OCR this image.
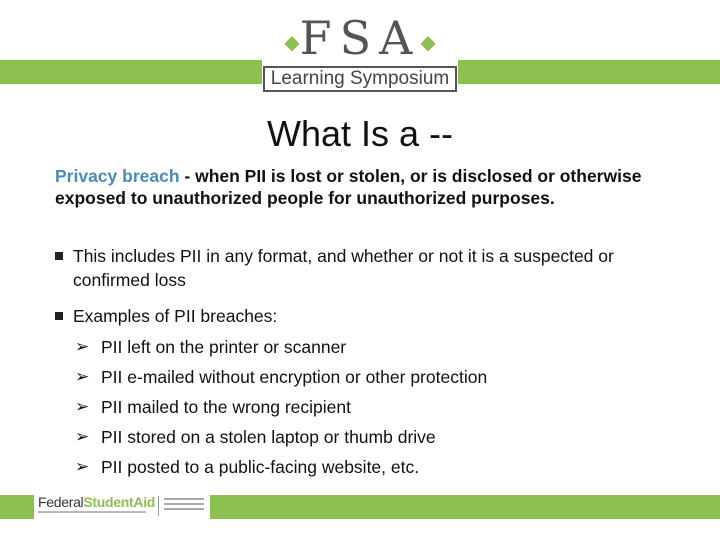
◆FSA◆
Learning Symposium
What Is a --
Privacy breach - when PII is lost or stolen, or is disclosed or otherwise exposed to unauthorized people for unauthorized purposes.
This includes PII in any format, and whether or not it is a suspected or confirmed loss
Examples of PII breaches:
➢ PII left on the printer or scanner
➢ PII e-mailed without encryption or other protection
➢ PII mailed to the wrong recipient
➢ PII stored on a stolen laptop or thumb drive
➢ PII posted to a public-facing website, etc.
FederalStudentAid
